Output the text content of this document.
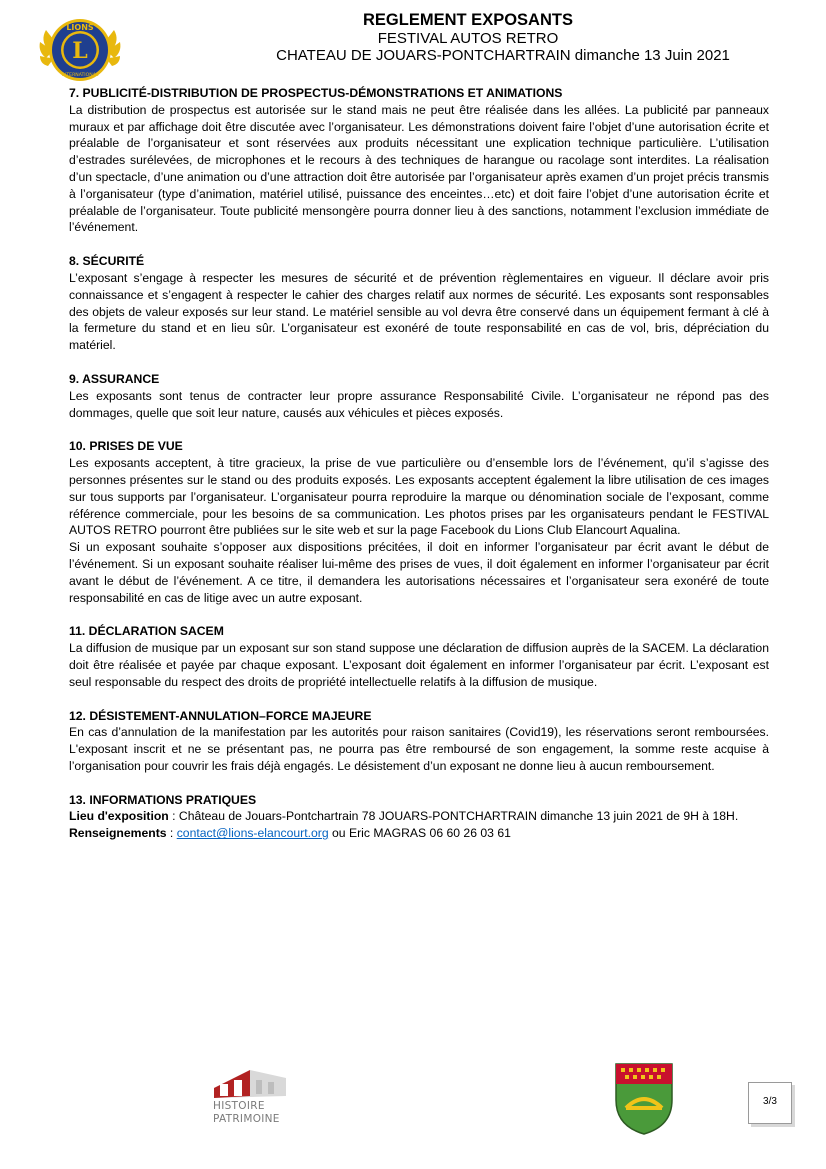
L
LIONS
INTERNATIONAL
REGLEMENT EXPOSANTS
FESTIVAL AUTOS RETRO
CHATEAU DE JOUARS-PONTCHARTRAIN dimanche 13 Juin 2021
7. PUBLICITÉ-DISTRIBUTION DE PROSPECTUS-DÉMONSTRATIONS ET ANIMATIONS

La distribution de prospectus est autorisée sur le stand mais ne peut être réalisée dans les allées. La publicité par panneaux muraux et par affichage doit être discutée avec l’organisateur. Les démonstrations doivent faire l’objet d’une autorisation écrite et préalable de l’organisateur et sont réservées aux produits nécessitant une explication technique particulière. L’utilisation d’estrades surélevées, de microphones et le recours à des techniques de harangue ou racolage sont interdites. La réalisation d’un spectacle, d’une animation ou d’une attraction doit être autorisée par l’organisateur après examen d’un projet précis transmis à l’organisateur (type d’animation, matériel utilisé, puissance des enceintes…etc) et doit faire l’objet d’une autorisation écrite et préalable de l’organisateur. Toute publicité mensongère pourra donner lieu à des sanctions, notamment l’exclusion immédiate de l’événement.

8. SÉCURITÉ

L’exposant s’engage à respecter les mesures de sécurité et de prévention règlementaires en vigueur. Il déclare avoir pris connaissance et s’engagent à respecter le cahier des charges relatif aux normes de sécurité. Les exposants sont responsables des objets de valeur exposés sur leur stand. Le matériel sensible au vol devra être conservé dans un équipement fermant à clé à la fermeture du stand et en lieu sûr. L’organisateur est exonéré de toute responsabilité en cas de vol, bris, dépréciation du matériel.

9. ASSURANCE

Les exposants sont tenus de contracter leur propre assurance Responsabilité Civile. L’organisateur ne répond pas des dommages, quelle que soit leur nature, causés aux véhicules et pièces exposés.

10. PRISES DE VUE

Les exposants acceptent, à titre gracieux, la prise de vue particulière ou d’ensemble lors de l’événement, qu’il s’agisse des personnes présentes sur le stand ou des produits exposés. Les exposants acceptent également la libre utilisation de ces images sur tous supports par l’organisateur. L’organisateur pourra reproduire la marque ou dénomination sociale de l’exposant, comme référence commerciale, pour les besoins de sa communication. Les photos prises par les organisateurs pendant le FESTIVAL AUTOS RETRO pourront être publiées sur le site web et sur la page Facebook du Lions Club Elancourt Aqualina.

Si un exposant souhaite s’opposer aux dispositions précitées, il doit en informer l’organisateur par écrit avant le début de l’événement. Si un exposant souhaite réaliser lui-même des prises de vues, il doit également en informer l’organisateur par écrit avant le début de l’événement. A ce titre, il demandera les autorisations nécessaires et l’organisateur sera exonéré de toute responsabilité en cas de litige avec un autre exposant.

11. DÉCLARATION SACEM

La diffusion de musique par un exposant sur son stand suppose une déclaration de diffusion auprès de la SACEM. La déclaration doit être réalisée et payée par chaque exposant. L’exposant doit également en informer l’organisateur par écrit. L’exposant est seul responsable du respect des droits de propriété intellectuelle relatifs à la diffusion de musique.

12. DÉSISTEMENT-ANNULATION–FORCE MAJEURE

En cas d’annulation de la manifestation par les autorités pour raison sanitaires (Covid19), les réservations seront remboursées. L'exposant inscrit et ne se présentant pas, ne pourra pas être remboursé de son engagement, la somme reste acquise à l’organisation pour couvrir les frais déjà engagés. Le désistement d’un exposant ne donne lieu à aucun remboursement.

13. INFORMATIONS PRATIQUES

Lieu d'exposition : Château de Jouars-Pontchartrain 78 JOUARS-PONTCHARTRAIN dimanche 13 juin 2021 de 9H à 18H.

Renseignements : contact@lions-elancourt.org ou Eric MAGRAS 06 60 26 03 61

HISTOIRE
PATRIMOINE
3/3
